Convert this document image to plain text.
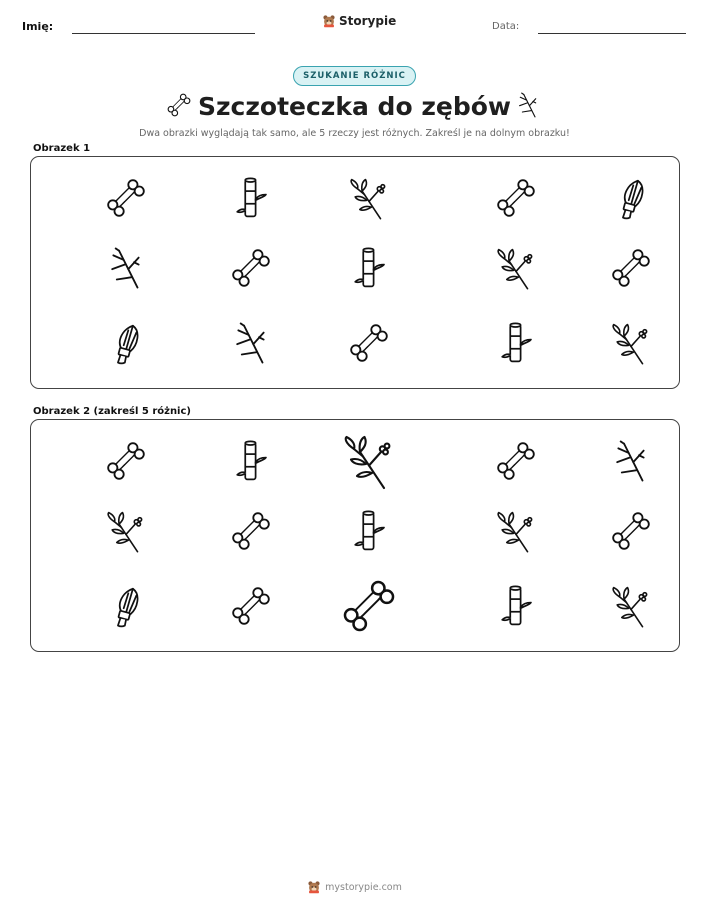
Imię:	Storypie	Data:
SZUKANIE RÓŻNIC
Szczoteczka do zębów
Dwa obrazki wyglądają tak samo, ale 5 rzeczy jest różnych. Zakreśl je na dolnym obrazku!
Obrazek 1
Obrazek 2 (zakreśl 5 różnic)
mystorypie.com
